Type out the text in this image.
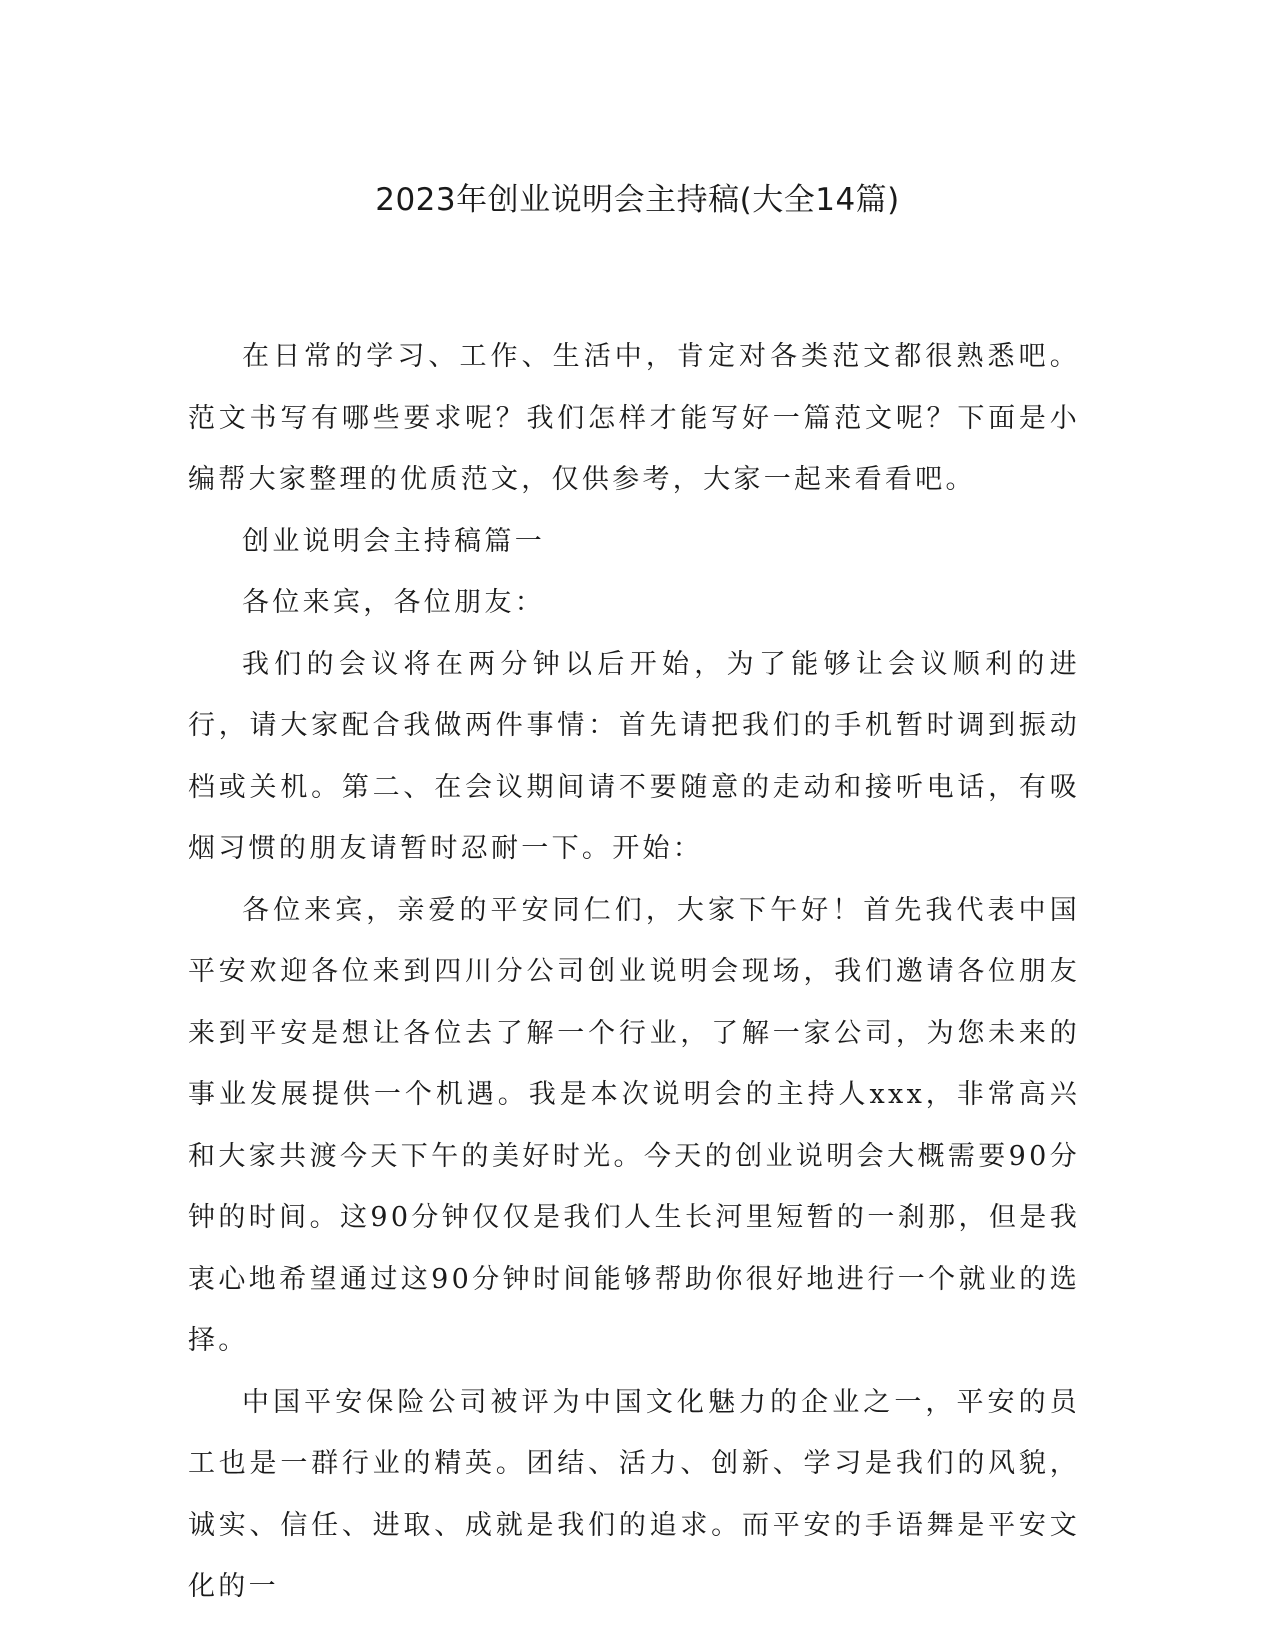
2023年创业说明会主持稿(大全14篇)

在日常的学习、工作、生活中，肯定对各类范文都很熟悉吧。范文书写有哪些要求呢？我们怎样才能写好一篇范文呢？下面是小编帮大家整理的优质范文，仅供参考，大家一起来看看吧。

创业说明会主持稿篇一

各位来宾，各位朋友：

我们的会议将在两分钟以后开始，为了能够让会议顺利的进行，请大家配合我做两件事情：首先请把我们的手机暂时调到振动档或关机。第二、在会议期间请不要随意的走动和接听电话，有吸烟习惯的朋友请暂时忍耐一下。开始：

各位来宾，亲爱的平安同仁们，大家下午好！首先我代表中国平安欢迎各位来到四川分公司创业说明会现场，我们邀请各位朋友来到平安是想让各位去了解一个行业，了解一家公司，为您未来的事业发展提供一个机遇。我是本次说明会的主持人xxx，非常高兴和大家共渡今天下午的美好时光。今天的创业说明会大概需要90分钟的时间。这90分钟仅仅是我们人生长河里短暂的一刹那，但是我衷心地希望通过这90分钟时间能够帮助你很好地进行一个就业的选择。

中国平安保险公司被评为中国文化魅力的企业之一，平安的员工也是一群行业的精英。团结、活力、创新、学习是我们的风貌，诚实、信任、进取、成就是我们的追求。而平安的手语舞是平安文化的一
